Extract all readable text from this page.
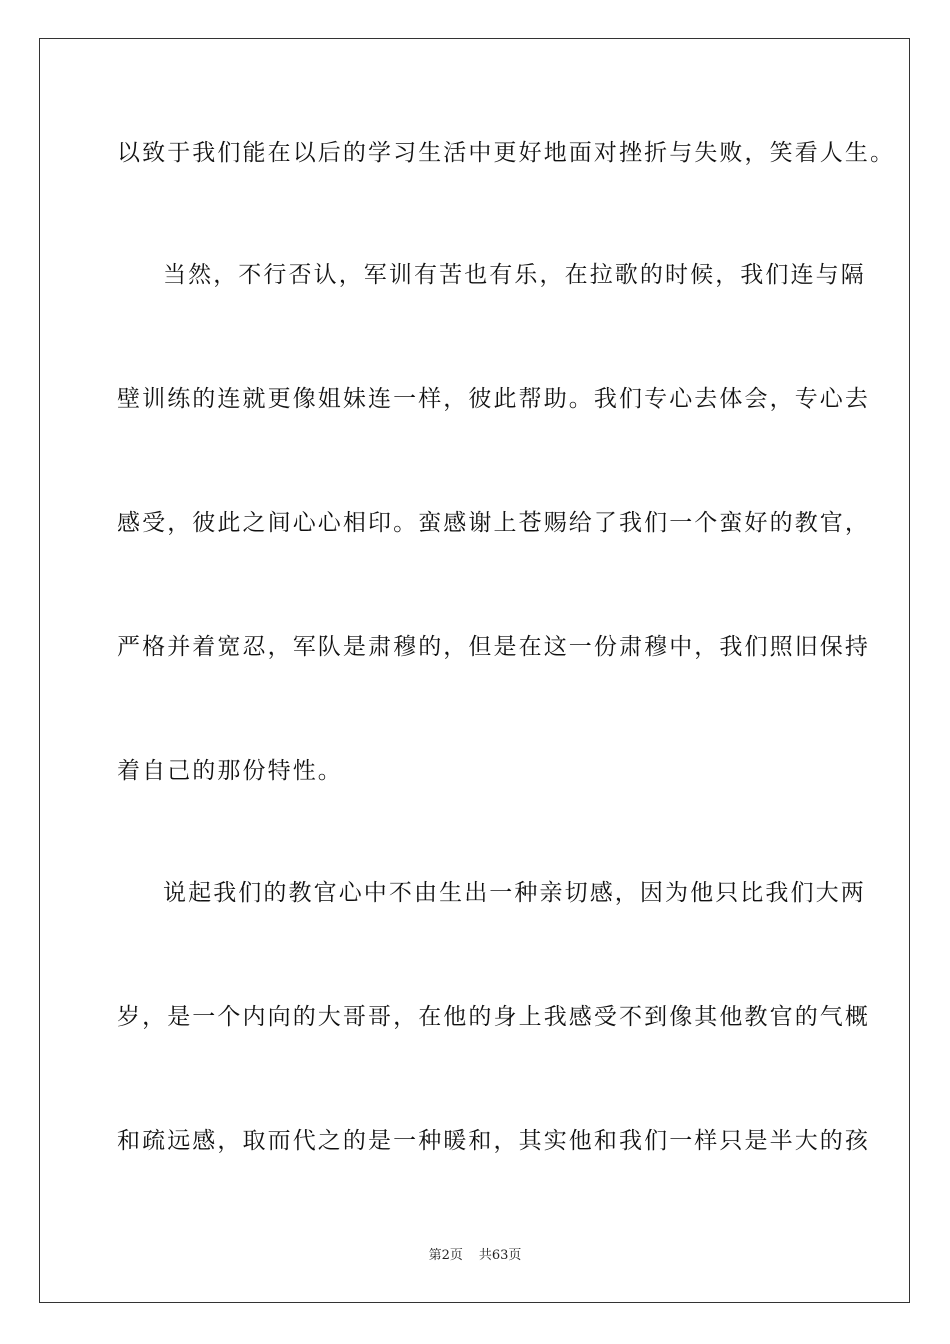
以致于我们能在以后的学习生活中更好地面对挫折与失败，笑看人生。
当然，不行否认，军训有苦也有乐，在拉歌的时候，我们连与隔
壁训练的连就更像姐妹连一样，彼此帮助。我们专心去体会，专心去
感受，彼此之间心心相印。蛮感谢上苍赐给了我们一个蛮好的教官，
严格并着宽忍，军队是肃穆的，但是在这一份肃穆中，我们照旧保持
着自己的那份特性。
说起我们的教官心中不由生出一种亲切感，因为他只比我们大两
岁，是一个内向的大哥哥，在他的身上我感受不到像其他教官的气概
和疏远感，取而代之的是一种暖和，其实他和我们一样只是半大的孩
第2页 共63页
